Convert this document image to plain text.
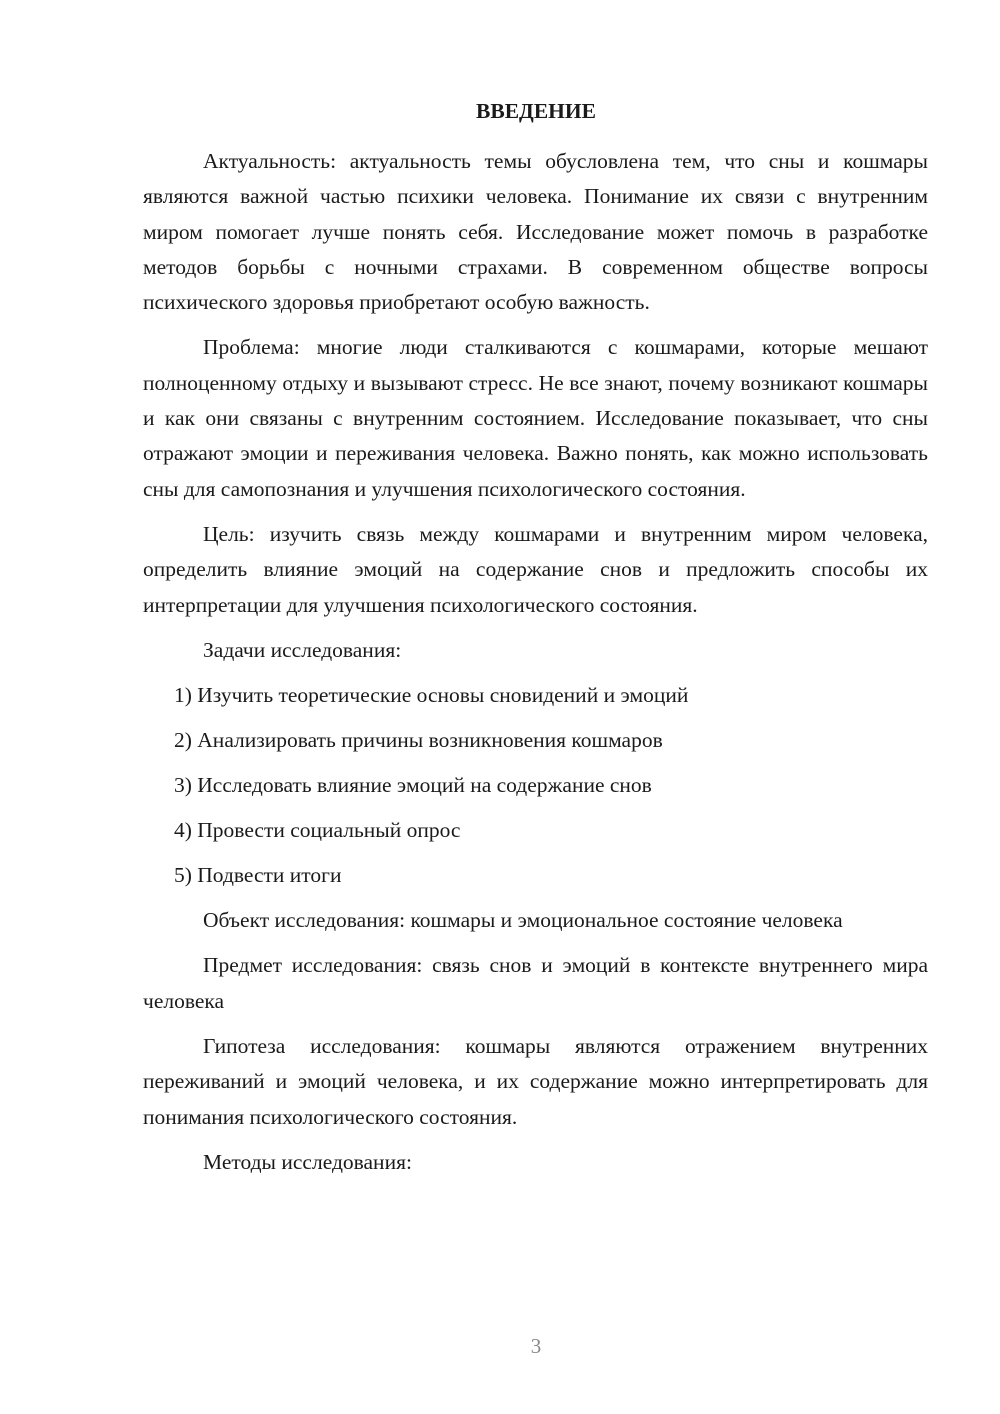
ВВЕДЕНИЕ

Актуальность: актуальность темы обусловлена тем, что сны и кошмары являются важной частью психики человека. Понимание их связи с внутренним миром помогает лучше понять себя. Исследование может помочь в разработке методов борьбы с ночными страхами. В современном обществе вопросы психического здоровья приобретают особую важность.

Проблема: многие люди сталкиваются с кошмарами, которые мешают полноценному отдыху и вызывают стресс. Не все знают, почему возникают кошмары и как они связаны с внутренним состоянием. Исследование показывает, что сны отражают эмоции и переживания человека. Важно понять, как можно использовать сны для самопознания и улучшения психологического состояния.

Цель: изучить связь между кошмарами и внутренним миром человека, определить влияние эмоций на содержание снов и предложить способы их интерпретации для улучшения психологического состояния.

Задачи исследования:

1) Изучить теоретические основы сновидений и эмоций
2) Анализировать причины возникновения кошмаров
3) Исследовать влияние эмоций на содержание снов
4) Провести социальный опрос
5) Подвести итоги

Объект исследования: кошмары и эмоциональное состояние человека

Предмет исследования: связь снов и эмоций в контексте внутреннего мира человека

Гипотеза исследования: кошмары являются отражением внутренних переживаний и эмоций человека, и их содержание можно интерпретировать для понимания психологического состояния.

Методы исследования:

3
